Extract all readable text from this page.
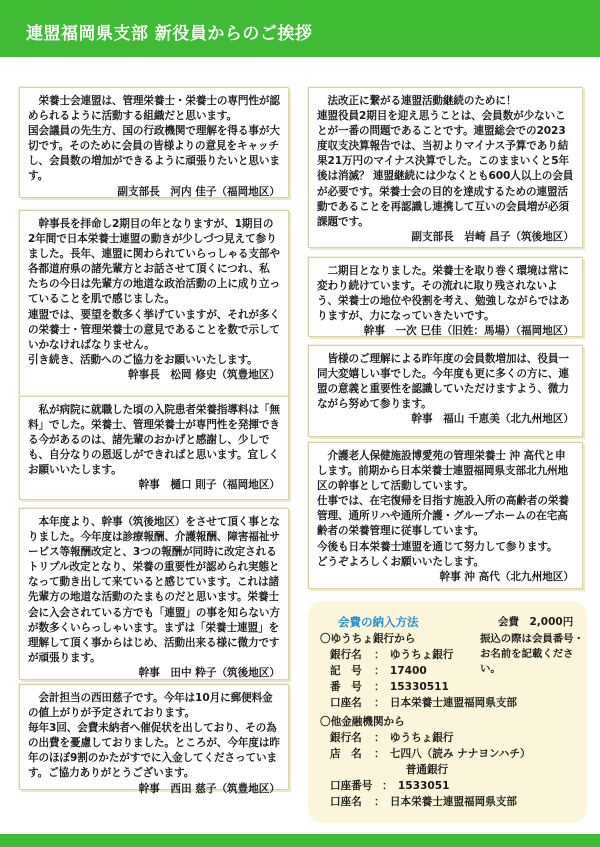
連盟福岡県支部 新役員からのご挨拶

　栄養士会連盟は、管理栄養士・栄養士の専門性が認められるように活動する組織だと思います。
国会議員の先生方、国の行政機関で理解を得る事が大切です。そのために会員の皆様よりの意見をキャッチし、会員数の増加ができるように頑張りたいと思います。

副支部長　河内 佳子（福岡地区）

　幹事長を拝命し2期目の年となりますが、1期目の2年間で日本栄養士連盟の動きが少しづつ見えて参りました。長年、連盟に関わられていらっしゃる支部や各都道府県の諸先輩方とお話させて頂くにつれ、私たちの今日は先輩方の地道な政治活動の上に成り立っていることを肌で感じました。
連盟では、要望を数多く挙げていますが、それが多くの栄養士・管理栄養士の意見であることを数で示していかなければなりません。
引き続き、活動へのご協力をお願いいたします。

幹事長　松岡 修史（筑豊地区）

　私が病院に就職した頃の入院患者栄養指導料は「無料」でした。栄養士、管理栄養士が専門性を発揮できる今があるのは、諸先輩のおかげと感謝し、少しでも、自分なりの恩返しができればと思います。宜しくお願いいたします。

幹事　樋口 則子（福岡地区）

　本年度より、幹事（筑後地区）をさせて頂く事となりました。今年度は診療報酬、介護報酬、障害福祉サービス等報酬改定と、3つの報酬が同時に改定されるトリプル改定となり、栄養の重要性が認められ実態となって動き出して来ていると感じています。これは諸先輩方の地道な活動のたまものだと思います。栄養士会に入会されている方でも「連盟」の事を知らない方が数多くいらっしゃいます。まずは「栄養士連盟」を理解して頂く事からはじめ、活動出来る様に微力ですが頑張ります。

幹事　田中 粋子（筑後地区）

　会計担当の西田慈子です。今年は10月に郵便料金の値上がりが予定されております。
毎年3回、会費未納者へ催促状を出しており、その為の出費を憂慮しておりました。ところが、今年度は昨年のほぼ9割のかたがすでに入金してくださっています。ご協力ありがとうございます。

幹事　西田 慈子（筑豊地区）

　法改正に繋がる連盟活動継続のために！
連盟役員2期目を迎え思うことは、会員数が少ないことが一番の問題であることです。連盟総会での2023度収支決算報告では、当初よりマイナス予算であり結果21万円のマイナス決算でした。このままいくと5年後は消滅？ 連盟継続には少なくとも600人以上の会員が必要です。栄養士会の目的を達成するための連盟活動であることを再認識し連携して互いの会員増が必須課題です。

副支部長　岩崎 昌子（筑後地区）

　二期目となりました。栄養士を取り巻く環境は常に変わり続けています。その流れに取り残されないよう、栄養士の地位や役割を考え、勉強しながらではありますが、力になっていきたいです。

幹事　一次 巳佳（旧姓：馬場）（福岡地区）

　皆様のご理解による昨年度の会員数増加は、役員一同大変嬉しい事でした。今年度も更に多くの方に、連盟の意義と重要性を認識していただけますよう、微力ながら努めて参ります。

幹事　福山 千恵美（北九州地区）

　介護老人保健施設博愛苑の管理栄養士 沖 高代と申します。前期から日本栄養士連盟福岡県支部北九州地区の幹事として活動しています。
仕事では、在宅復帰を目指す施設入所の高齢者の栄養管理、通所リハや通所介護・グループホームの在宅高齢者の栄養管理に従事しています。
今後も日本栄養士連盟を通じて努力して参ります。
どうぞよろしくお願いいたします。

幹事 沖 高代（北九州地区）
会費の納入方法	会費　2,000円
振込の際は会員番号・
お名前を記載ください。
〇ゆうちょ銀行から
銀行名 ：　ゆうちょ銀行
記　号 ：　17400
番　号 ：　15330511
口座名 ：　日本栄養士連盟福岡県支部
〇他金融機関から
銀行名 ：　ゆうちょ銀行
店　名 ：　七四八（読み ナナヨンハチ）
　　　普通銀行
口座番号 ：　1533051
口座名 ：　日本栄養士連盟福岡県支部
